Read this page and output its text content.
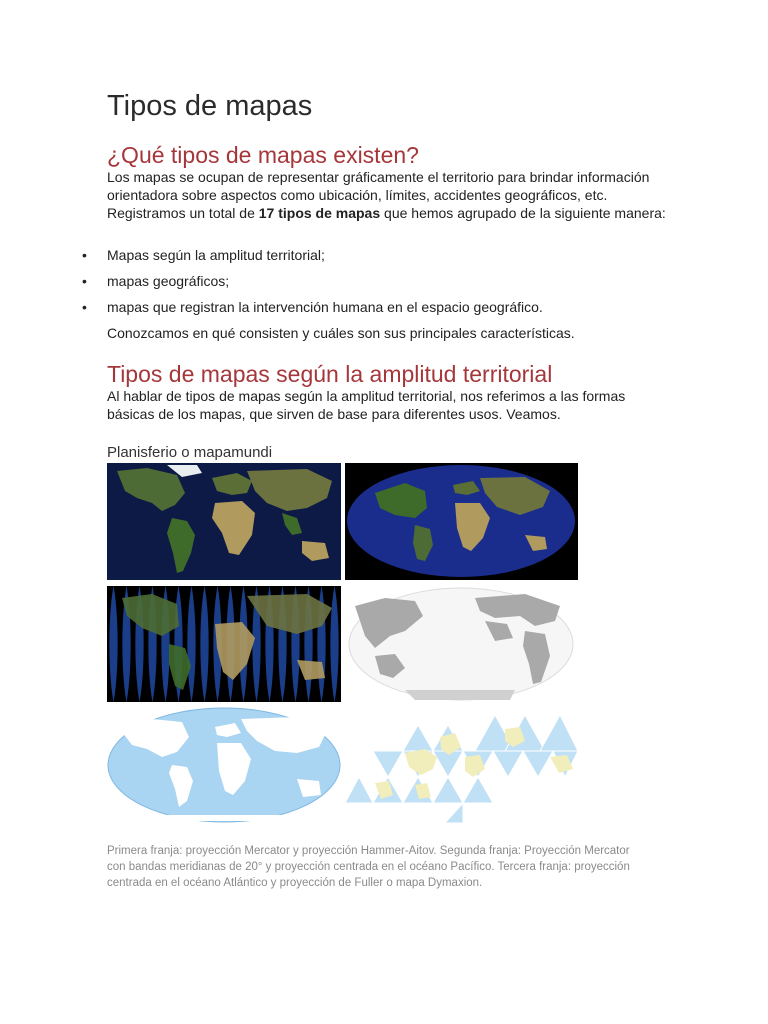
Tipos de mapas
¿Qué tipos de mapas existen?

Los mapas se ocupan de representar gráficamente el territorio para brindar información orientadora sobre aspectos como ubicación, límites, accidentes geográficos, etc. Registramos un total de 17 tipos de mapas que hemos agrupado de la siguiente manera:

• Mapas según la amplitud territorial;
• mapas geográficos;
• mapas que registran la intervención humana en el espacio geográfico.

Conozcamos en qué consisten y cuáles son sus principales características.

Tipos de mapas según la amplitud territorial

Al hablar de tipos de mapas según la amplitud territorial, nos referimos a las formas básicas de los mapas, que sirven de base para diferentes usos. Veamos.

Planisferio o mapamundi

Primera franja: proyección Mercator y proyección Hammer-Aitov. Segunda franja: Proyección Mercator con bandas meridianas de 20° y proyección centrada en el océano Pacífico. Tercera franja: proyección centrada en el océano Atlántico y proyección de Fuller o mapa Dymaxion.
